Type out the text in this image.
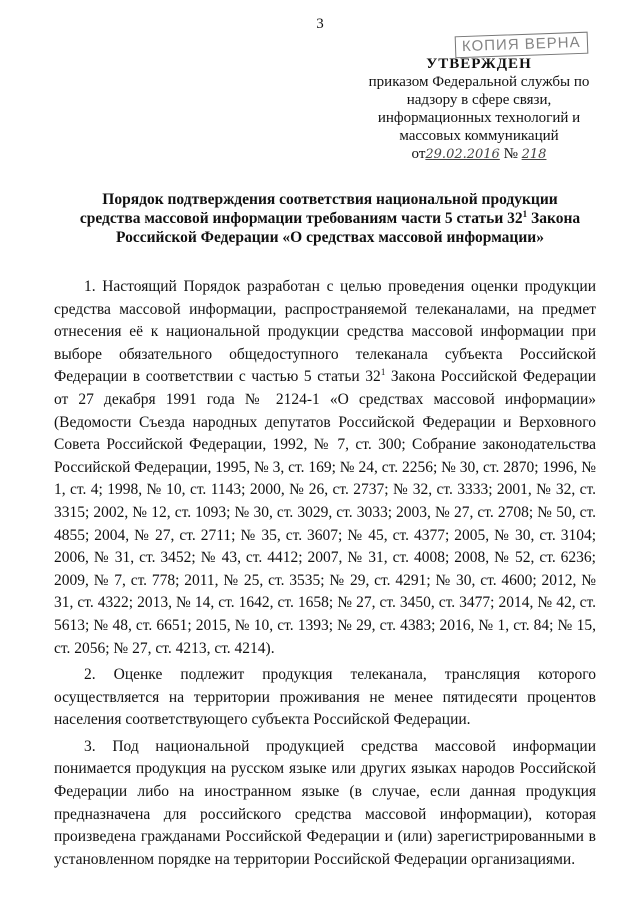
3
КОПИЯ ВЕРНА
УТВЕРЖДЕН
приказом Федеральной службы по
надзору в сфере связи,
информационных технологий и
массовых коммуникаций
от29.02.2016 № 218
Порядок подтверждения соответствия национальной продукции
средства массовой информации требованиям части 5 статьи $32^1$ Закона
Российской Федерации «О средствах массовой информации»

1. Настоящий Порядок разработан с целью проведения оценки продукции средства массовой информации, распространяемой телеканалами, на предмет отнесения её к национальной продукции средства массовой информации при выборе обязательного общедоступного телеканала субъекта Российской Федерации в соответствии с частью 5 статьи $32^1$ Закона Российской Федерации от 27 декабря 1991 года № 2124-1 «О средствах массовой информации» (Ведомости Съезда народных депутатов Российской Федерации и Верховного Совета Российской Федерации, 1992, № 7, ст. 300; Собрание законодательства Российской Федерации, 1995, № 3, ст. 169; № 24, ст. 2256; № 30, ст. 2870; 1996, № 1, ст. 4; 1998, № 10, ст. 1143; 2000, № 26, ст. 2737; № 32, ст. 3333; 2001, № 32, ст. 3315; 2002, № 12, ст. 1093; № 30, ст. 3029, ст. 3033; 2003, № 27, ст. 2708; № 50, ст. 4855; 2004, № 27, ст. 2711; № 35, ст. 3607; № 45, ст. 4377; 2005, № 30, ст. 3104; 2006, № 31, ст. 3452; № 43, ст. 4412; 2007, № 31, ст. 4008; 2008, № 52, ст. 6236; 2009, № 7, ст. 778; 2011, № 25, ст. 3535; № 29, ст. 4291; № 30, ст. 4600; 2012, № 31, ст. 4322; 2013, № 14, ст. 1642, ст. 1658; № 27, ст. 3450, ст. 3477; 2014, № 42, ст. 5613; № 48, ст. 6651; 2015, № 10, ст. 1393; № 29, ст. 4383; 2016, № 1, ст. 84; № 15, ст. 2056; № 27, ст. 4213, ст. 4214).

2. Оценке подлежит продукция телеканала, трансляция которого осуществляется на территории проживания не менее пятидесяти процентов населения соответствующего субъекта Российской Федерации.

3. Под национальной продукцией средства массовой информации понимается продукция на русском языке или других языках народов Российской Федерации либо на иностранном языке (в случае, если данная продукция предназначена для российского средства массовой информации), которая произведена гражданами Российской Федерации и (или) зарегистрированными в установленном порядке на территории Российской Федерации организациями.
